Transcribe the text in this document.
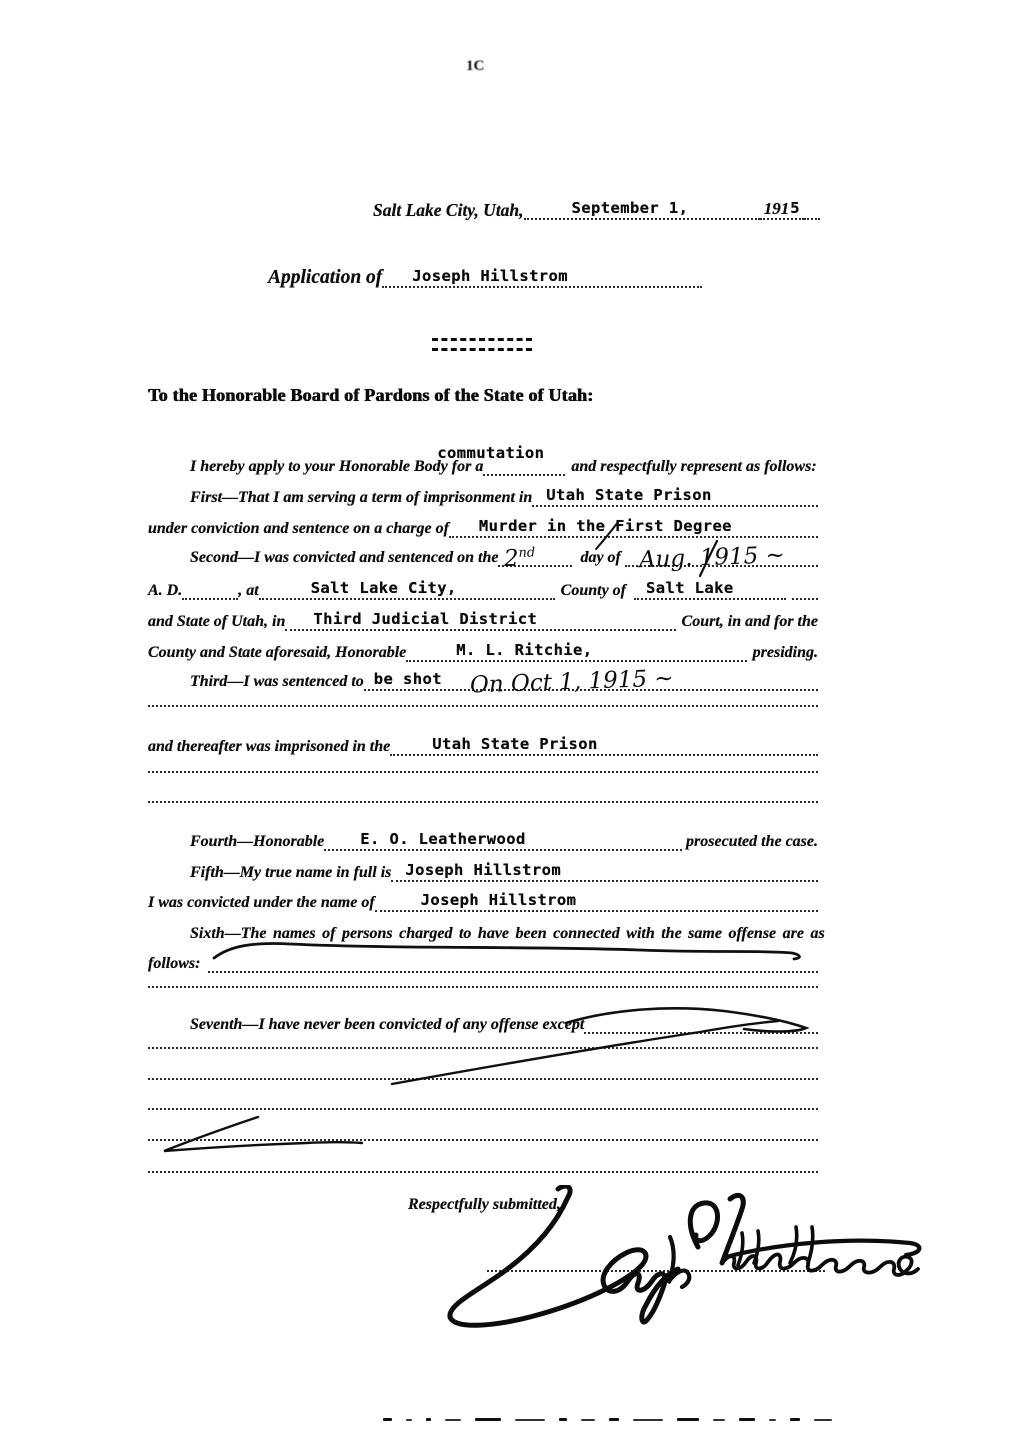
1C
Salt Lake City, Utah,	September 1,	191 5
Application of	Joseph Hillstrom
To the Honorable Board of Pardons of the State of Utah:
I hereby apply to your Honorable Body for a
commutation
and respectfully represent as follows:
First—That I am serving a term of imprisonment in Utah State Prison
under conviction and sentence on a charge of	Murder in the First Degree
Second—I was convicted and sentenced on the 2nd	day of Aug. 1915 ~
A. D.	, at	Salt Lake City,	County of	Salt Lake
and State of Utah, in	Third Judicial District	Court, in and for the
County and State aforesaid, Honorable	M. L. Ritchie,	presiding.
Third—I was sentenced to be shot On Oct 1, 1915 ~
and thereafter was imprisoned in the	Utah State Prison
Fourth—Honorable	E. O. Leatherwood	prosecuted the case.
Fifth—My true name in full is Joseph Hillstrom
I was convicted under the name of	Joseph Hillstrom
Sixth—The names of persons charged to have been connected with the same offense are as
follows:
Seventh—I have never been convicted of any offense except
Respectfully submitted,
